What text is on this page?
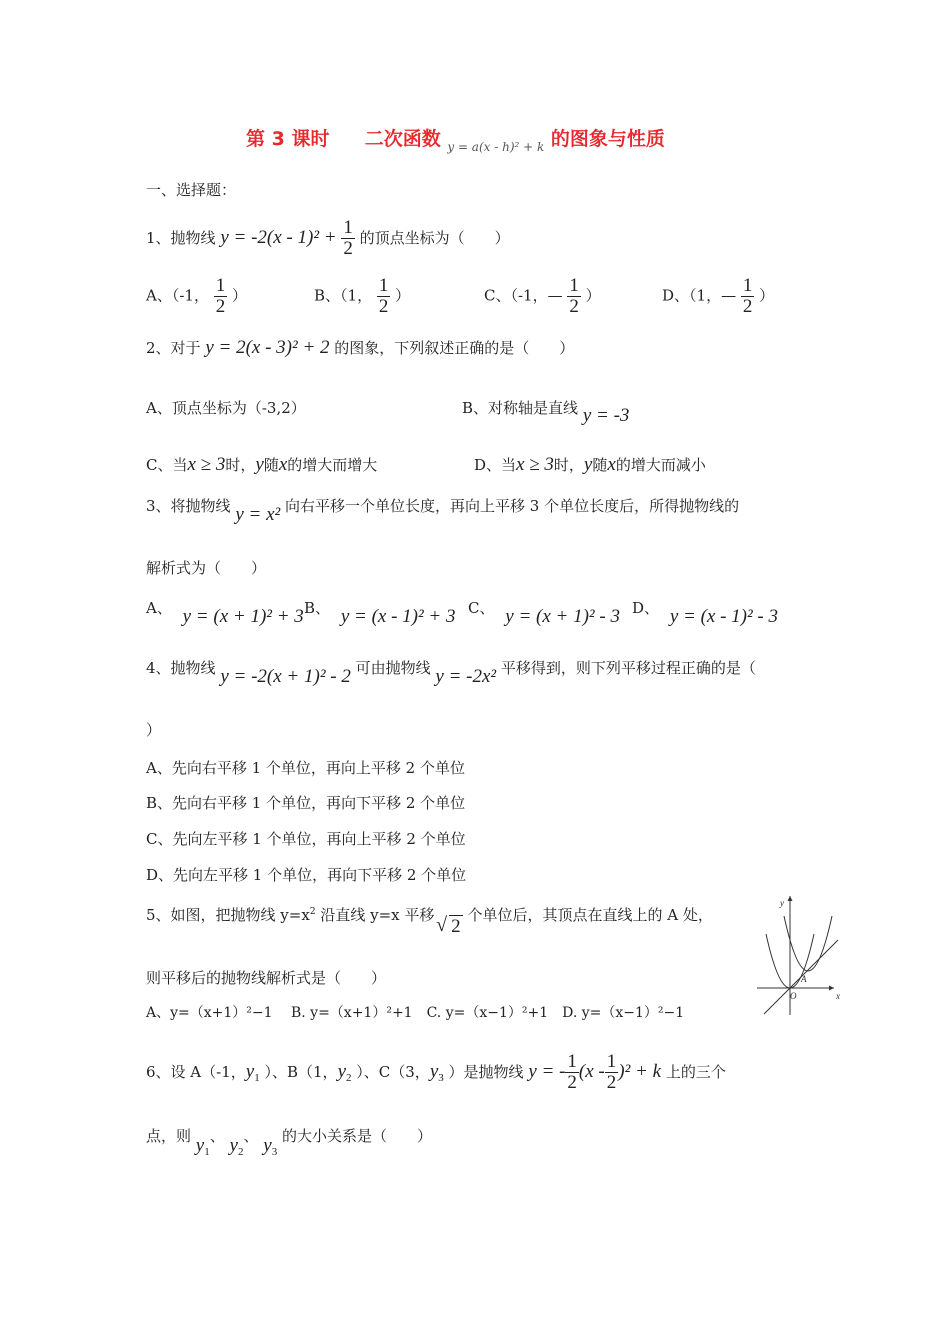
第 3 课时 二次函数 $_{y = a(x - h)^2 + k}$ 的图象与性质
一、选择题：
1、抛物线 $y = -2(x - 1)^2 + \frac{1}{2}$ 的顶点坐标为（　　）
A、（-1， $\frac{1}{2}$ ）	B、（1， $\frac{1}{2}$ ）	C、（-1，— $\frac{1}{2}$ ）	D、（1，— $\frac{1}{2}$ ）
2、对于 y = 2(x - 3)² + 2 的图象，下列叙述正确的是（　　）
A、顶点坐标为（-3,2）	B、对称轴是直线 y = -3
C、当x ≥ 3时，y随x的增大而增大	D、当x ≥ 3时，y随x的增大而减小
3、将抛物线 y = x² 向右平移一个单位长度，再向上平移 3 个单位长度后，所得抛物线的
解析式为（　　）
A、 y = (x + 1)² + 3 B、 y = (x - 1)² + 3 C、 y = (x + 1)² - 3 D、 y = (x - 1)² - 3
4、抛物线 y = -2(x + 1)² - 2 可由抛物线 y = -2x² 平移得到，则下列平移过程正确的是（
）
A、先向右平移 1 个单位，再向上平移 2 个单位
B、先向右平移 1 个单位，再向下平移 2 个单位
C、先向左平移 1 个单位，再向上平移 2 个单位
D、先向左平移 1 个单位，再向下平移 2 个单位
5、如图，把抛物线 $y=x^2$ 沿直线 y=x 平移 √ 2 个单位后，其顶点在直线上的 A 处，
则平移后的抛物线解析式是（　　）
A、y=（x+1）²−1　 B. y=（x+1）²+1　C. y=（x−1）²+1　D. y=（x−1）²−1
y
x
O
A
6、设 A（-1，$y_1$ ）、B（1，$y_2$ ）、C（3，$y_3$ ）是抛物线 y = - $\frac{1}{2} (x - \frac{1}{2} )^2 + k$ 上的三个
点，则 $y_1$、 $y_2$、 $y_3$ 的大小关系是（　　）
